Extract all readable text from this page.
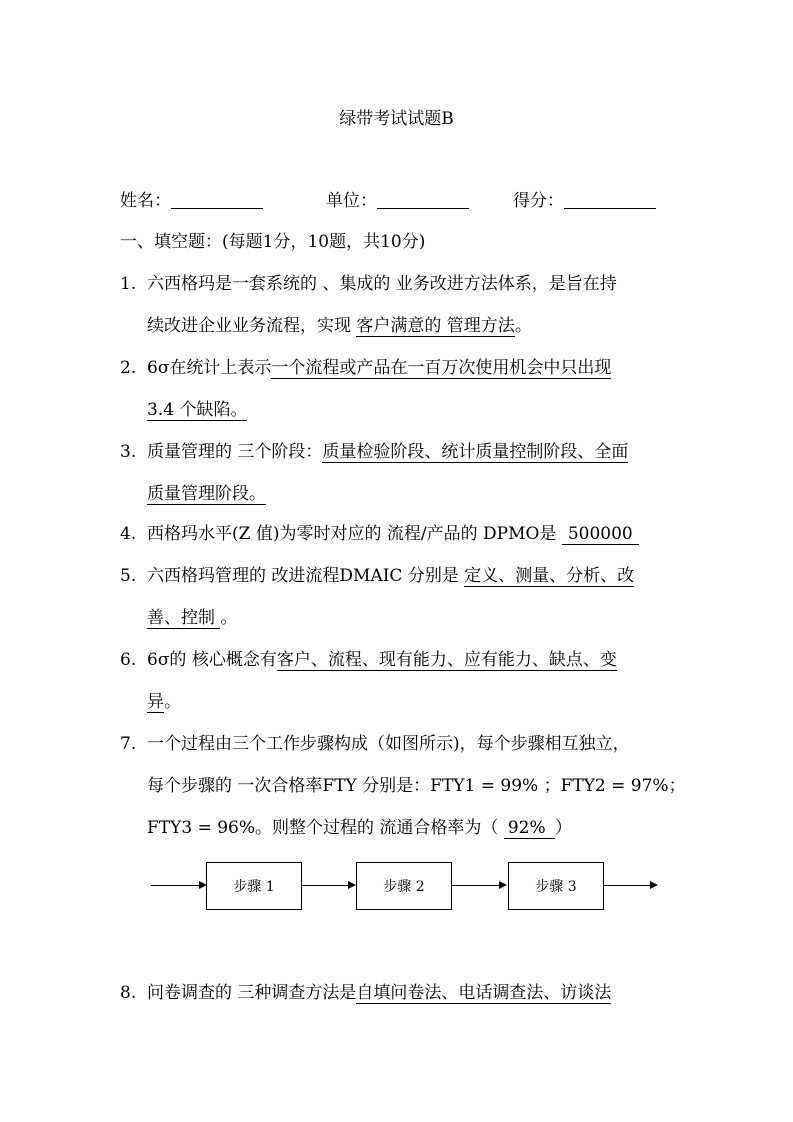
绿带考试试题B
姓名：	单位：	得分：
一、填空题：(每题1分，10题，共10分)
1. 六西格玛是一套系统的 、集成的 业务改进方法体系，是旨在持
续改进企业业务流程，实现 客户满意的 管理方法。
2. 6σ在统计上表示一个流程或产品在一百万次使用机会中只出现
3.4 个缺陷。
3. 质量管理的 三个阶段：质量检验阶段、统计质量控制阶段、全面
质量管理阶段。
4. 西格玛水平(Z 值)为零时对应的 流程/产品的 DPMO是 500000
5. 六西格玛管理的 改进流程DMAIC 分别是 定义、测量、分析、改
善、控制 。
6. 6σ的 核心概念有客户、流程、现有能力、应有能力、缺点、变
异。
7. 一个过程由三个工作步骤构成（如图所示)，每个步骤相互独立，
每个步骤的 一次合格率FTY 分别是：FTY1 = 99% ；FTY2 = 97%；
FTY3 = 96%。则整个过程的 流通合格率为（ 92% ）
步骤 1	步骤 2	步骤 3
8. 问卷调查的 三种调查方法是自填问卷法、电话调查法、访谈法
